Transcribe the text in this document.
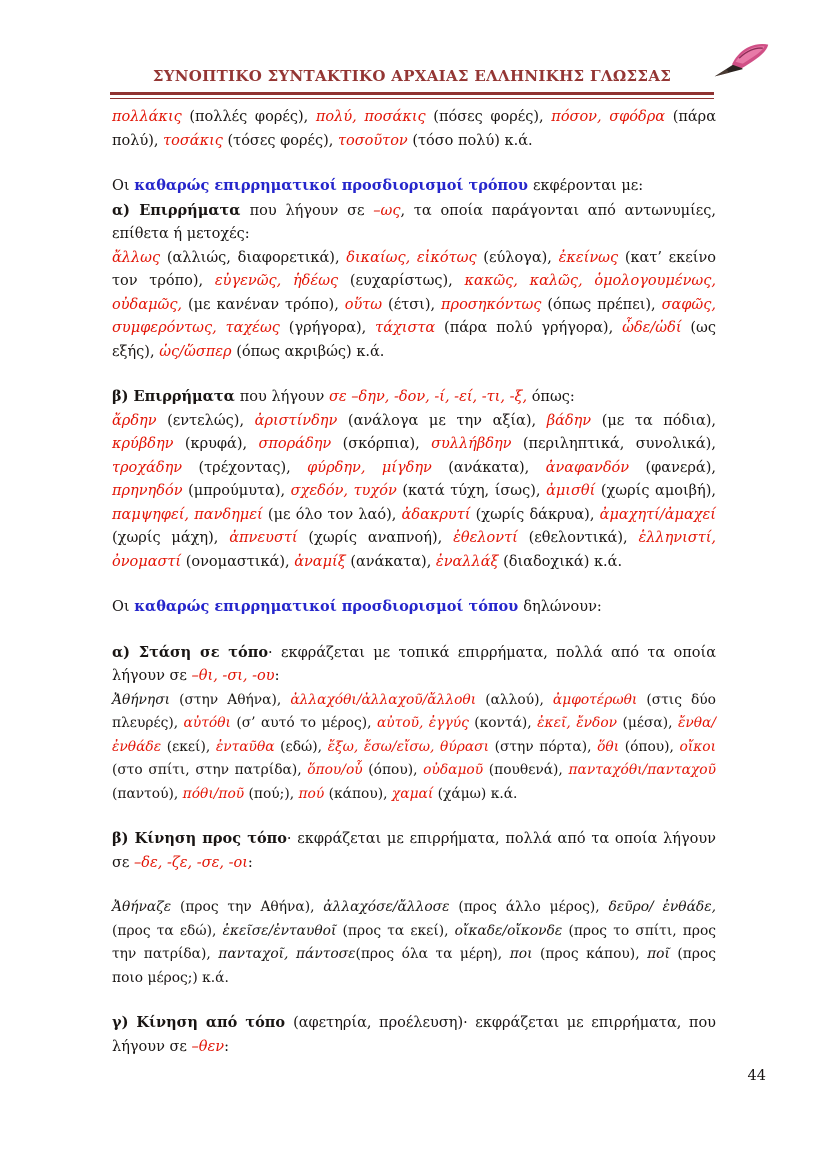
ΣΥΝΟΠΤΙΚΟ ΣΥΝΤΑΚΤΙΚΟ ΑΡΧΑΙΑΣ ΕΛΛΗΝΙΚΗΣ ΓΛΩΣΣΑΣ

πολλάκις (πολλές φορές), πολύ, ποσάκις (πόσες φορές), πόσον, σφόδρα (πάρα πολύ), τοσάκις (τόσες φορές), τοσοῦτον (τόσο πολύ) κ.ά.

Οι καθαρώς επιρρηματικοί προσδιορισμοί τρόπου εκφέρονται με:

α) Επιρρήματα που λήγουν σε –ως, τα οποία παράγονται από αντωνυμίες, επίθετα ή μετοχές:

ἄλλως (αλλιώς, διαφορετικά), δικαίως, εἰκότως (εύλογα), ἐκείνως (κατ’ εκείνο τον τρόπο), εὐγενῶς, ἡδέως (ευχαρίστως), κακῶς, καλῶς, ὁμολογουμένως, οὐδαμῶς, (με κανέναν τρόπο), οὕτω (έτσι), προσηκόντως (όπως πρέπει), σαφῶς, συμφερόντως, ταχέως (γρήγορα), τάχιστα (πάρα πολύ γρήγορα), ὧδε/ὡδί (ως εξής), ὡς/ὥσπερ (όπως ακριβώς) κ.ά.

β) Επιρρήματα που λήγουν σε –δην, -δον, -ί, -εί, -τι, -ξ, όπως:

ἄρδην (εντελώς), ἀριστίνδην (ανάλογα με την αξία), βάδην (με τα πόδια), κρύβδην (κρυφά), σποράδην (σκόρπια), συλλήβδην (περιληπτικά, συνολικά), τροχάδην (τρέχοντας), φύρδην, μίγδην (ανάκατα), ἀναφανδόν (φανερά), πρηνηδόν (μπρούμυτα), σχεδόν, τυχόν (κατά τύχη, ίσως), ἀμισθί (χωρίς αμοιβή), παμψηφεί, πανδημεί (με όλο τον λαό), ἀδακρυτί (χωρίς δάκρυα), ἀμαχητί/ἀμαχεί (χωρίς μάχη), ἀπνευστί (χωρίς αναπνοή), ἐθελοντί (εθελοντικά), ἑλληνιστί, ὀνομαστί (ονομαστικά), ἀναμίξ (ανάκατα), ἐναλλάξ (διαδοχικά) κ.ά.

Οι καθαρώς επιρρηματικοί προσδιορισμοί τόπου δηλώνουν:

α) Στάση σε τόπο· εκφράζεται με τοπικά επιρρήματα, πολλά από τα οποία λήγουν σε –θι, -σι, -ου:

Ἀθήνησι (στην Αθήνα), ἀλλαχόθι/ἀλλαχοῦ/ἄλλοθι (αλλού), ἀμφοτέρωθι (στις δύο πλευρές), αὐτόθι (σ’ αυτό το μέρος), αὐτοῦ, ἐγγύς (κοντά), ἐκεῖ, ἔνδον (μέσα), ἔνθα/ἐνθάδε (εκεί), ἐνταῦθα (εδώ), ἔξω, ἔσω/εἴσω, θύρασι (στην πόρτα), ὅθι (όπου), οἴκοι (στο σπίτι, στην πατρίδα), ὅπου/οὗ (όπου), οὐδαμοῦ (πουθενά), πανταχόθι/πανταχοῦ (παντού), πόθι/ποῦ (πού;), πού (κάπου), χαμαί (χάμω) κ.ά.

β) Κίνηση προς τόπο· εκφράζεται με επιρρήματα, πολλά από τα οποία λήγουν σε –δε, -ζε, -σε, -οι:

Ἀθήναζε (προς την Αθήνα), ἀλλαχόσε/ἄλλοσε (προς άλλο μέρος), δεῦρο/ ἐνθάδε, (προς τα εδώ), ἐκεῖσε/ἐνταυθοῖ (προς τα εκεί), οἴκαδε/οἴκονδε (προς το σπίτι, προς την πατρίδα), πανταχοῖ, πάντοσε(προς όλα τα μέρη), ποι (προς κάπου), ποῖ (προς ποιο μέρος;) κ.ά.

γ) Κίνηση από τόπο (αφετηρία, προέλευση)· εκφράζεται με επιρρήματα, που λήγουν σε –θεν:

44
